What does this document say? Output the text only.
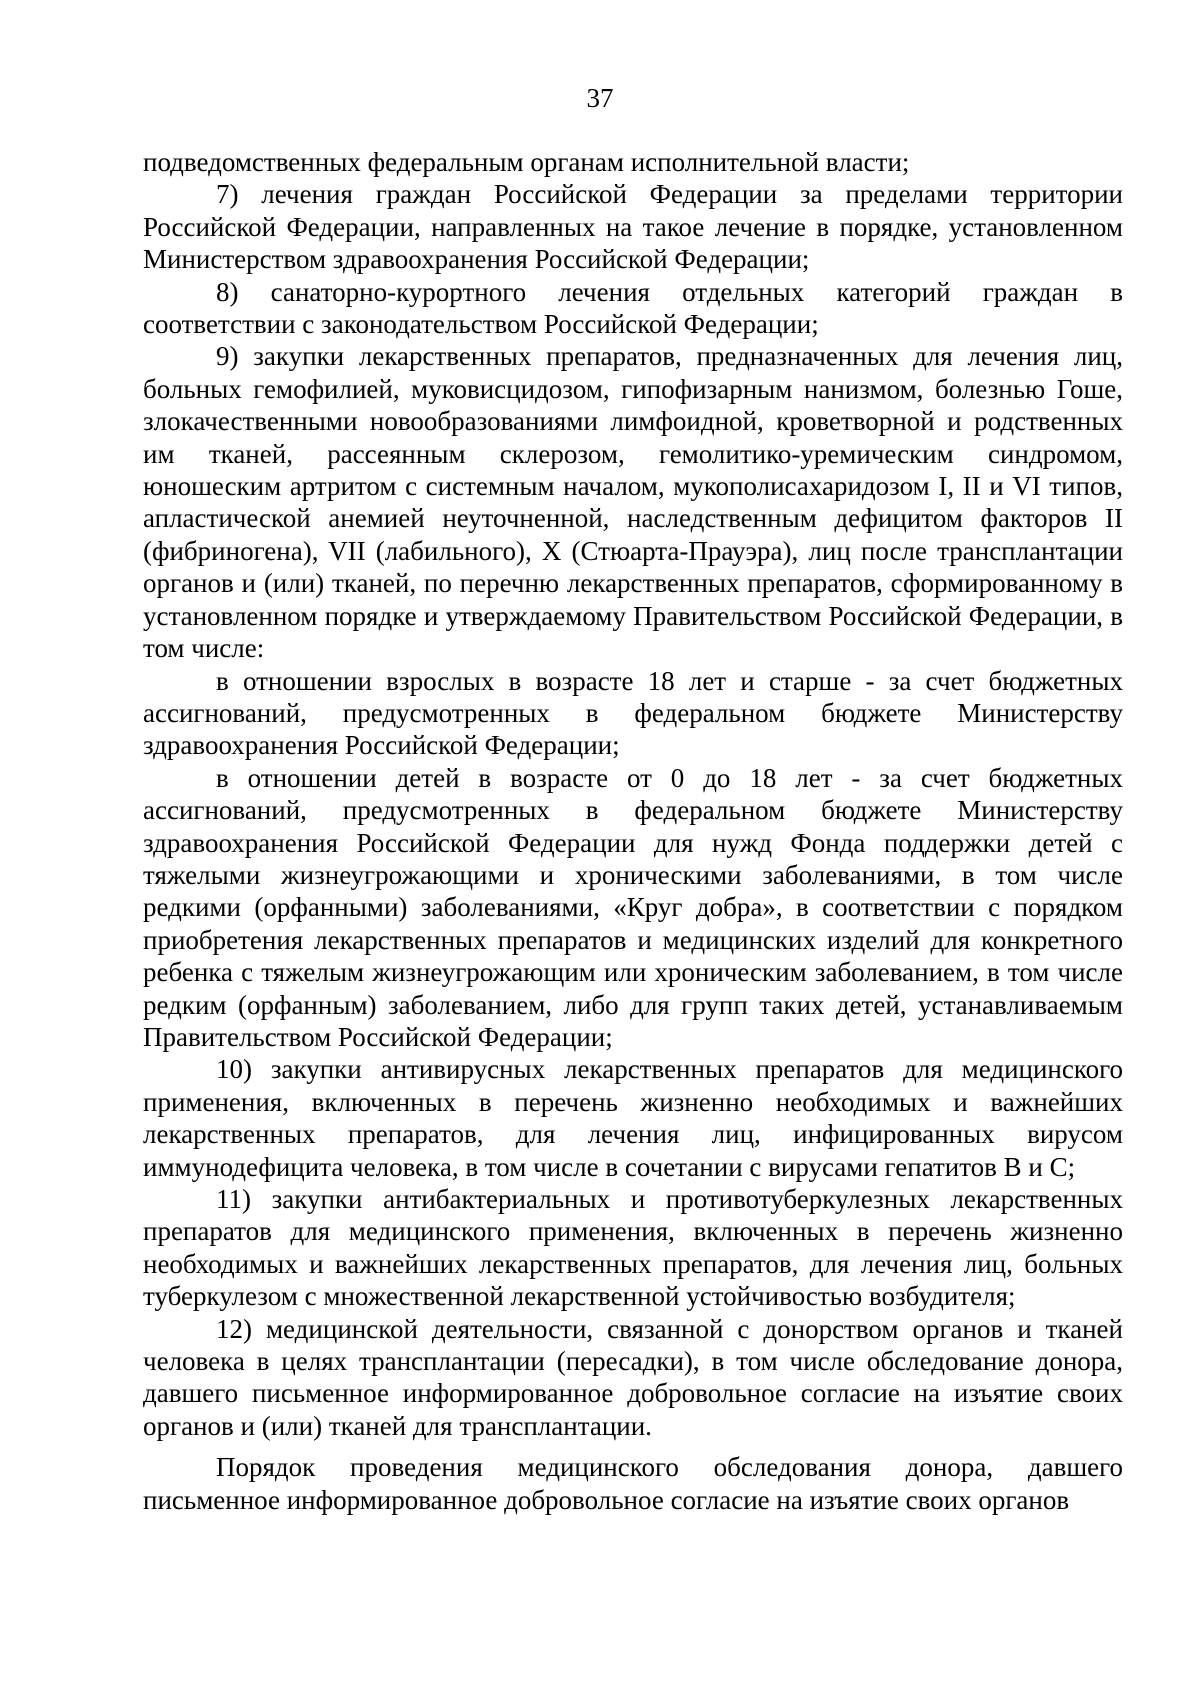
37

подведомственных федеральным органам исполнительной власти;

7) лечения граждан Российской Федерации за пределами территории Российской Федерации, направленных на такое лечение в порядке, установленном Министерством здравоохранения Российской Федерации;

8) санаторно-курортного лечения отдельных категорий граждан в соответствии с законодательством Российской Федерации;

9) закупки лекарственных препаратов, предназначенных для лечения лиц, больных гемофилией, муковисцидозом, гипофизарным нанизмом, болезнью Гоше, злокачественными новообразованиями лимфоидной, кроветворной и родственных им тканей, рассеянным склерозом, гемолитико-уремическим синдромом, юношеским артритом с системным началом, мукополисахаридозом I, II и VI типов, апластической анемией неуточненной, наследственным дефицитом факторов II (фибриногена), VII (лабильного), X (Стюарта-Прауэра), лиц после трансплантации органов и (или) тканей, по перечню лекарственных препаратов, сформированному в установленном порядке и утверждаемому Правительством Российской Федерации, в том числе:

в отношении взрослых в возрасте 18 лет и старше - за счет бюджетных ассигнований, предусмотренных в федеральном бюджете Министерству здравоохранения Российской Федерации;

в отношении детей в возрасте от 0 до 18 лет - за счет бюджетных ассигнований, предусмотренных в федеральном бюджете Министерству здравоохранения Российской Федерации для нужд Фонда поддержки детей с тяжелыми жизнеугрожающими и хроническими заболеваниями, в том числе редкими (орфанными) заболеваниями, «Круг добра», в соответствии с порядком приобретения лекарственных препаратов и медицинских изделий для конкретного ребенка с тяжелым жизнеугрожающим или хроническим заболеванием, в том числе редким (орфанным) заболеванием, либо для групп таких детей, устанавливаемым Правительством Российской Федерации;

10) закупки антивирусных лекарственных препаратов для медицинского применения, включенных в перечень жизненно необходимых и важнейших лекарственных препаратов, для лечения лиц, инфицированных вирусом иммунодефицита человека, в том числе в сочетании с вирусами гепатитов B и C;

11) закупки антибактериальных и противотуберкулезных лекарственных препаратов для медицинского применения, включенных в перечень жизненно необходимых и важнейших лекарственных препаратов, для лечения лиц, больных туберкулезом с множественной лекарственной устойчивостью возбудителя;

12) медицинской деятельности, связанной с донорством органов и тканей человека в целях трансплантации (пересадки), в том числе обследование донора, давшего письменное информированное добровольное согласие на изъятие своих органов и (или) тканей для трансплантации.

Порядок проведения медицинского обследования донора, давшего письменное информированное добровольное согласие на изъятие своих органов
